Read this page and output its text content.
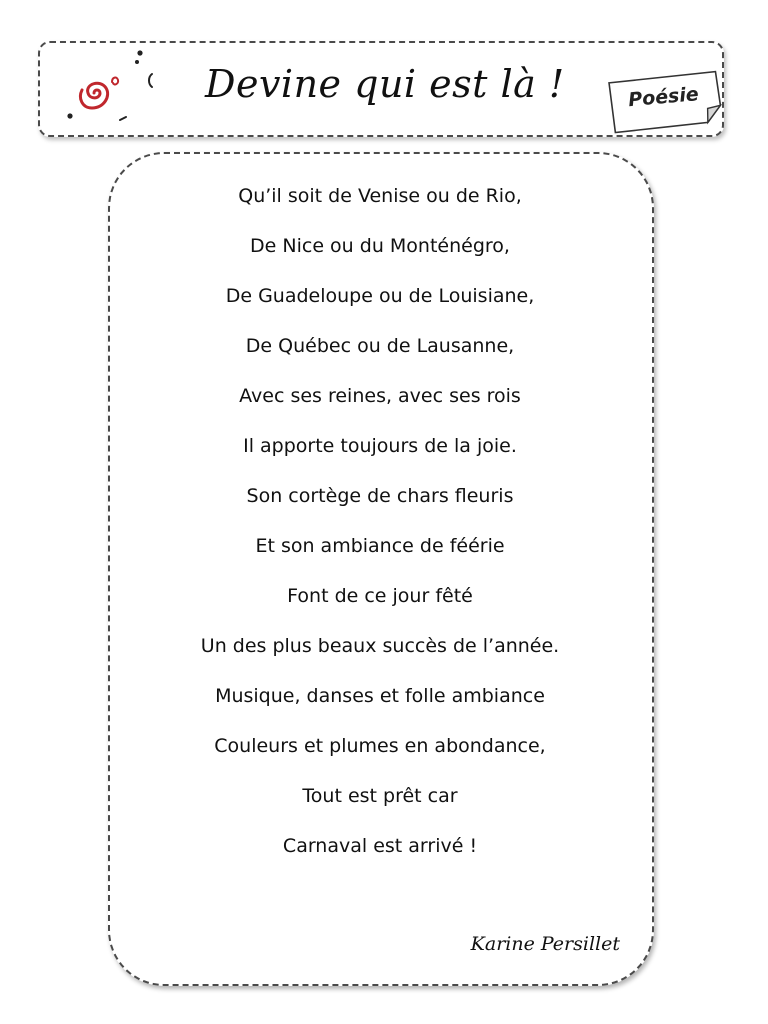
Devine qui est là !	Poésie
Qu’il soit de Venise ou de Rio,
De Nice ou du Monténégro,
De Guadeloupe ou de Louisiane,
De Québec ou de Lausanne,
Avec ses reines, avec ses rois
Il apporte toujours de la joie.
Son cortège de chars fleuris
Et son ambiance de féérie
Font de ce jour fêté
Un des plus beaux succès de l’année.
Musique, danses et folle ambiance
Couleurs et plumes en abondance,
Tout est prêt car
Carnaval est arrivé !
Karine Persillet
